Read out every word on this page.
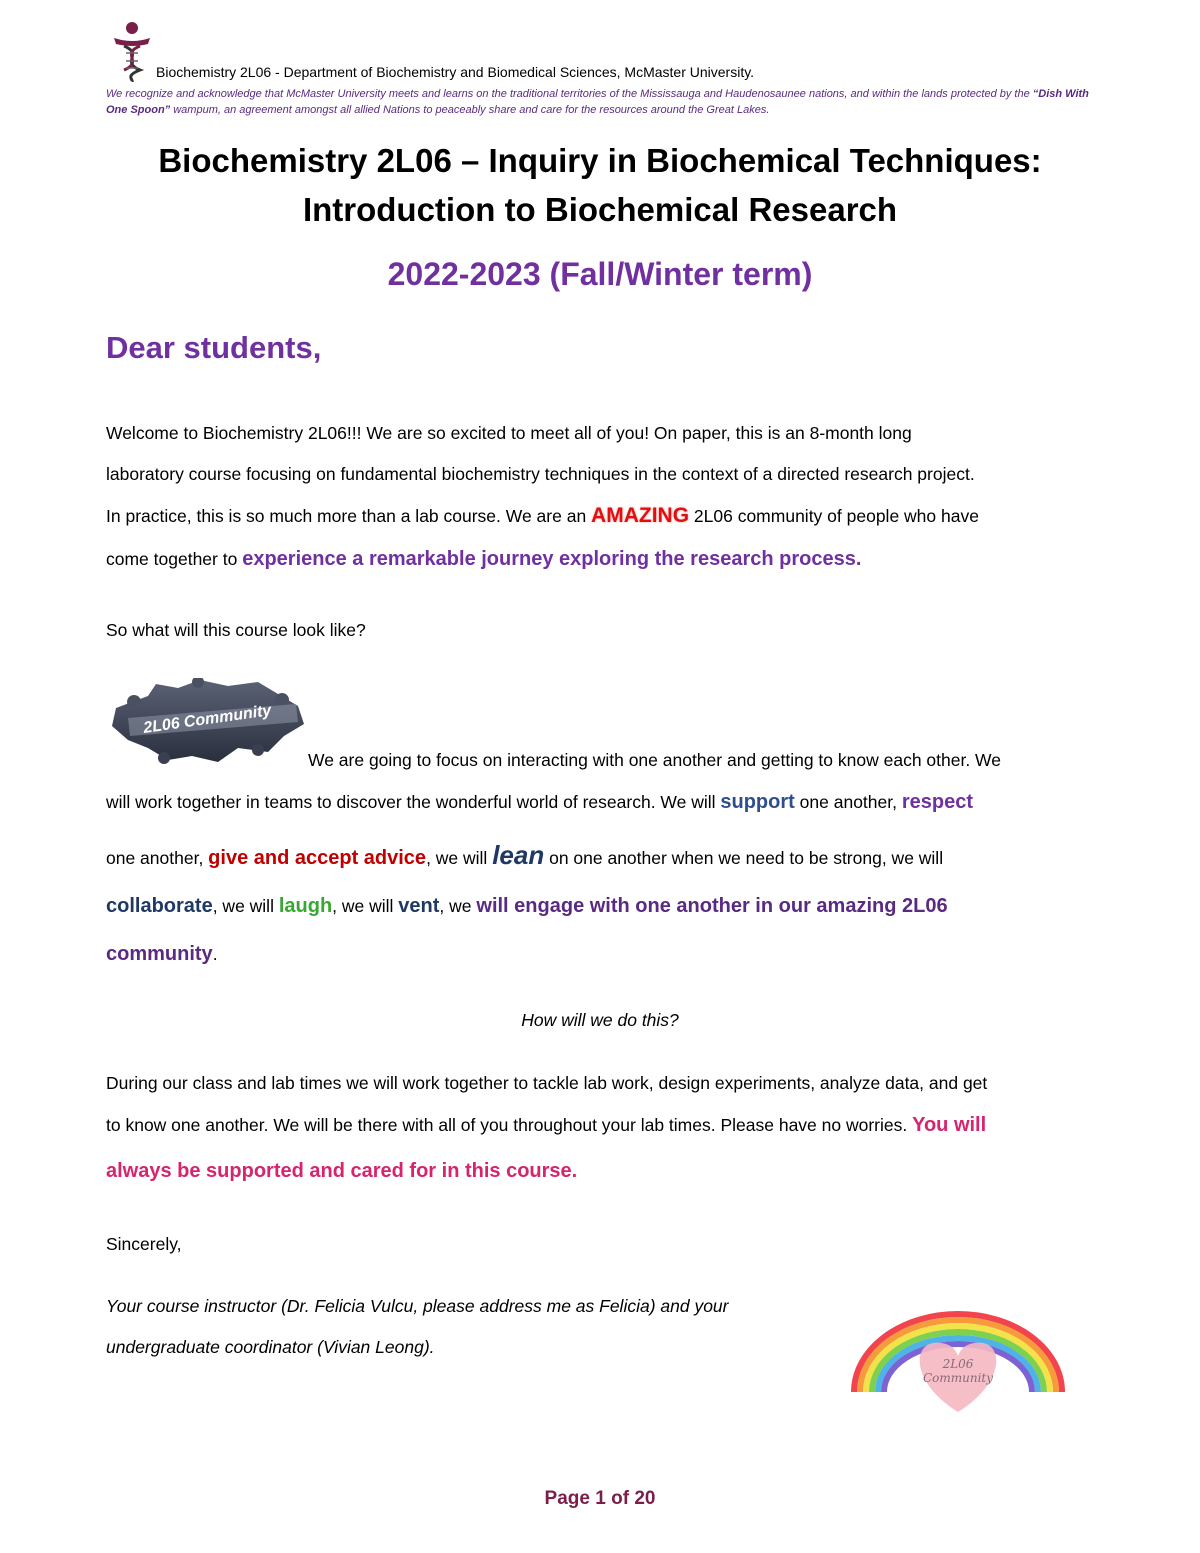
Biochemistry 2L06 - Department of Biochemistry and Biomedical Sciences, McMaster University.
We recognize and acknowledge that McMaster University meets and learns on the traditional territories of the Mississauga and Haudenosaunee nations, and within the lands protected by the “Dish With One Spoon” wampum, an agreement amongst all allied Nations to peaceably share and care for the resources around the Great Lakes.
Biochemistry 2L06 – Inquiry in Biochemical Techniques:
Introduction to Biochemical Research
2022-2023 (Fall/Winter term)
Dear students,
Welcome to Biochemistry 2L06!!! We are so excited to meet all of you! On paper, this is an 8-month long
laboratory course focusing on fundamental biochemistry techniques in the context of a directed research project.
In practice, this is so much more than a lab course. We are an AMAZING 2L06 community of people who have
come together to experience a remarkable journey exploring the research process.
So what will this course look like?
2L06 Community
We are going to focus on interacting with one another and getting to know each other. We
will work together in teams to discover the wonderful world of research. We will support one another, respect
one another, give and accept advice, we will lean on one another when we need to be strong, we will
collaborate, we will laugh, we will vent, we will engage with one another in our amazing 2L06
community.
How will we do this?
During our class and lab times we will work together to tackle lab work, design experiments, analyze data, and get
to know one another. We will be there with all of you throughout your lab times. Please have no worries. You will
always be supported and cared for in this course.
Sincerely,
Your course instructor (Dr. Felicia Vulcu, please address me as Felicia) and your
undergraduate coordinator (Vivian Leong).
2L06
Community
Page 1 of 20
